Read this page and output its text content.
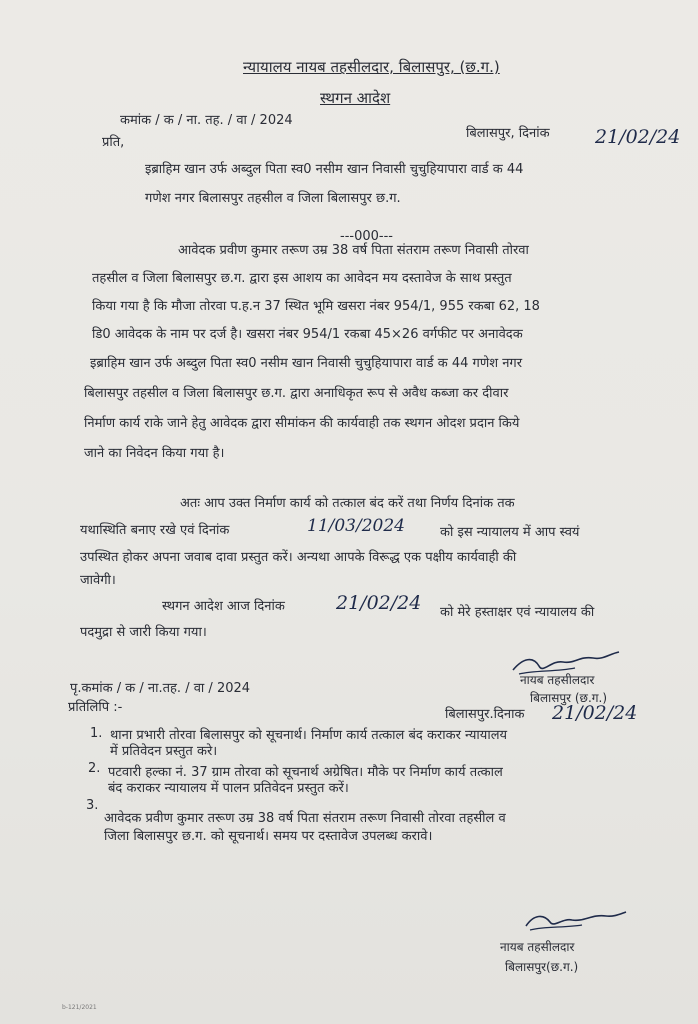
न्यायालय नायब तहसीलदार, बिलासपुर, (छ.ग.)
स्थगन आदेश
कमांक / क / ना. तह. / वा / 2024
बिलासपुर, दिनांक 21/02/24
प्रति,
इब्राहिम खान उर्फ अब्दुल पिता स्व0 नसीम खान निवासी चुचुहियापारा वार्ड क 44
गणेश नगर बिलासपुर तहसील व जिला बिलासपुर छ.ग.
---000---
आवेदक प्रवीण कुमार तरूण उम्र 38 वर्ष पिता संतराम तरूण निवासी तोरवा
तहसील व जिला बिलासपुर छ.ग. द्वारा इस आशय का आवेदन मय दस्तावेज के साथ प्रस्तुत
किया गया है कि मौजा तोरवा प.ह.न 37 स्थित भूमि खसरा नंबर 954/1, 955 रकबा 62, 18
डि0 आवेदक के नाम पर दर्ज है। खसरा नंबर 954/1 रकबा 45×26 वर्गफीट पर अनावेदक
इब्राहिम खान उर्फ अब्दुल पिता स्व0 नसीम खान निवासी चुचुहियापारा वार्ड क 44 गणेश नगर
बिलासपुर तहसील व जिला बिलासपुर छ.ग. द्वारा अनाधिकृत रूप से अवैध कब्जा कर दीवार
निर्माण कार्य राके जाने हेतु आवेदक द्वारा सीमांकन की कार्यवाही तक स्थगन ओदश प्रदान किये
जाने का निवेदन किया गया है।
अतः आप उक्त निर्माण कार्य को तत्काल बंद करें तथा निर्णय दिनांक तक
यथास्थिति बनाए रखे एवं दिनांक	11/03/2024	को इस न्यायालय में आप स्वयं
उपस्थित होकर अपना जवाब दावा प्रस्तुत करें। अन्यथा आपके विरूद्ध एक पक्षीय कार्यवाही की
जावेगी।
स्थगन आदेश आज दिनांक	21/02/24 को मेरे हस्ताक्षर एवं न्यायालय की
पदमुद्रा से जारी किया गया।
नायब तहसीलदार
बिलासपुर (छ.ग.)
पृ.कमांक / क / ना.तह. / वा / 2024
प्रतिलिपि :-	बिलासपुर.दिनाक 21/02/24
1. थाना प्रभारी तोरवा बिलासपुर को सूचनार्थ। निर्माण कार्य तत्काल बंद कराकर न्यायालय
में प्रतिवेदन प्रस्तुत करे।
2. पटवारी हल्का नं. 37 ग्राम तोरवा को सूचनार्थ अग्रेषित। मौके पर निर्माण कार्य तत्काल
बंद कराकर न्यायालय में पालन प्रतिवेदन प्रस्तुत करें।
3.
आवेदक प्रवीण कुमार तरूण उम्र 38 वर्ष पिता संतराम तरूण निवासी तोरवा तहसील व
जिला बिलासपुर छ.ग. को सूचनार्थ। समय पर दस्तावेज उपलब्ध करावे।
नायब तहसीलदार
बिलासपुर(छ.ग.)
b-121/2021
